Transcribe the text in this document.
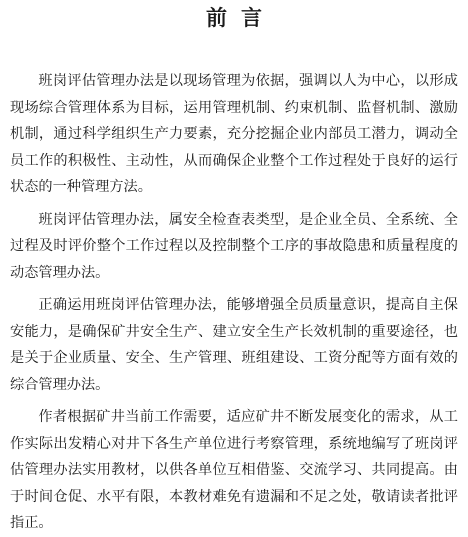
前言

班岗评估管理办法是以现场管理为依据，强调以人为中心，以形成现场综合管理体系为目标，运用管理机制、约束机制、监督机制、激励机制，通过科学组织生产力要素，充分挖掘企业内部员工潜力，调动全员工作的积极性、主动性，从而确保企业整个工作过程处于良好的运行状态的一种管理方法。

班岗评估管理办法，属安全检查表类型，是企业全员、全系统、全过程及时评价整个工作过程以及控制整个工序的事故隐患和质量程度的动态管理办法。

正确运用班岗评估管理办法，能够增强全员质量意识，提高自主保安能力，是确保矿井安全生产、建立安全生产长效机制的重要途径，也是关于企业质量、安全、生产管理、班组建设、工资分配等方面有效的综合管理办法。

作者根据矿井当前工作需要，适应矿井不断发展变化的需求，从工作实际出发精心对井下各生产单位进行考察管理，系统地编写了班岗评估管理办法实用教材，以供各单位互相借鉴、交流学习、共同提高。由于时间仓促、水平有限，本教材难免有遗漏和不足之处，敬请读者批评指正。
